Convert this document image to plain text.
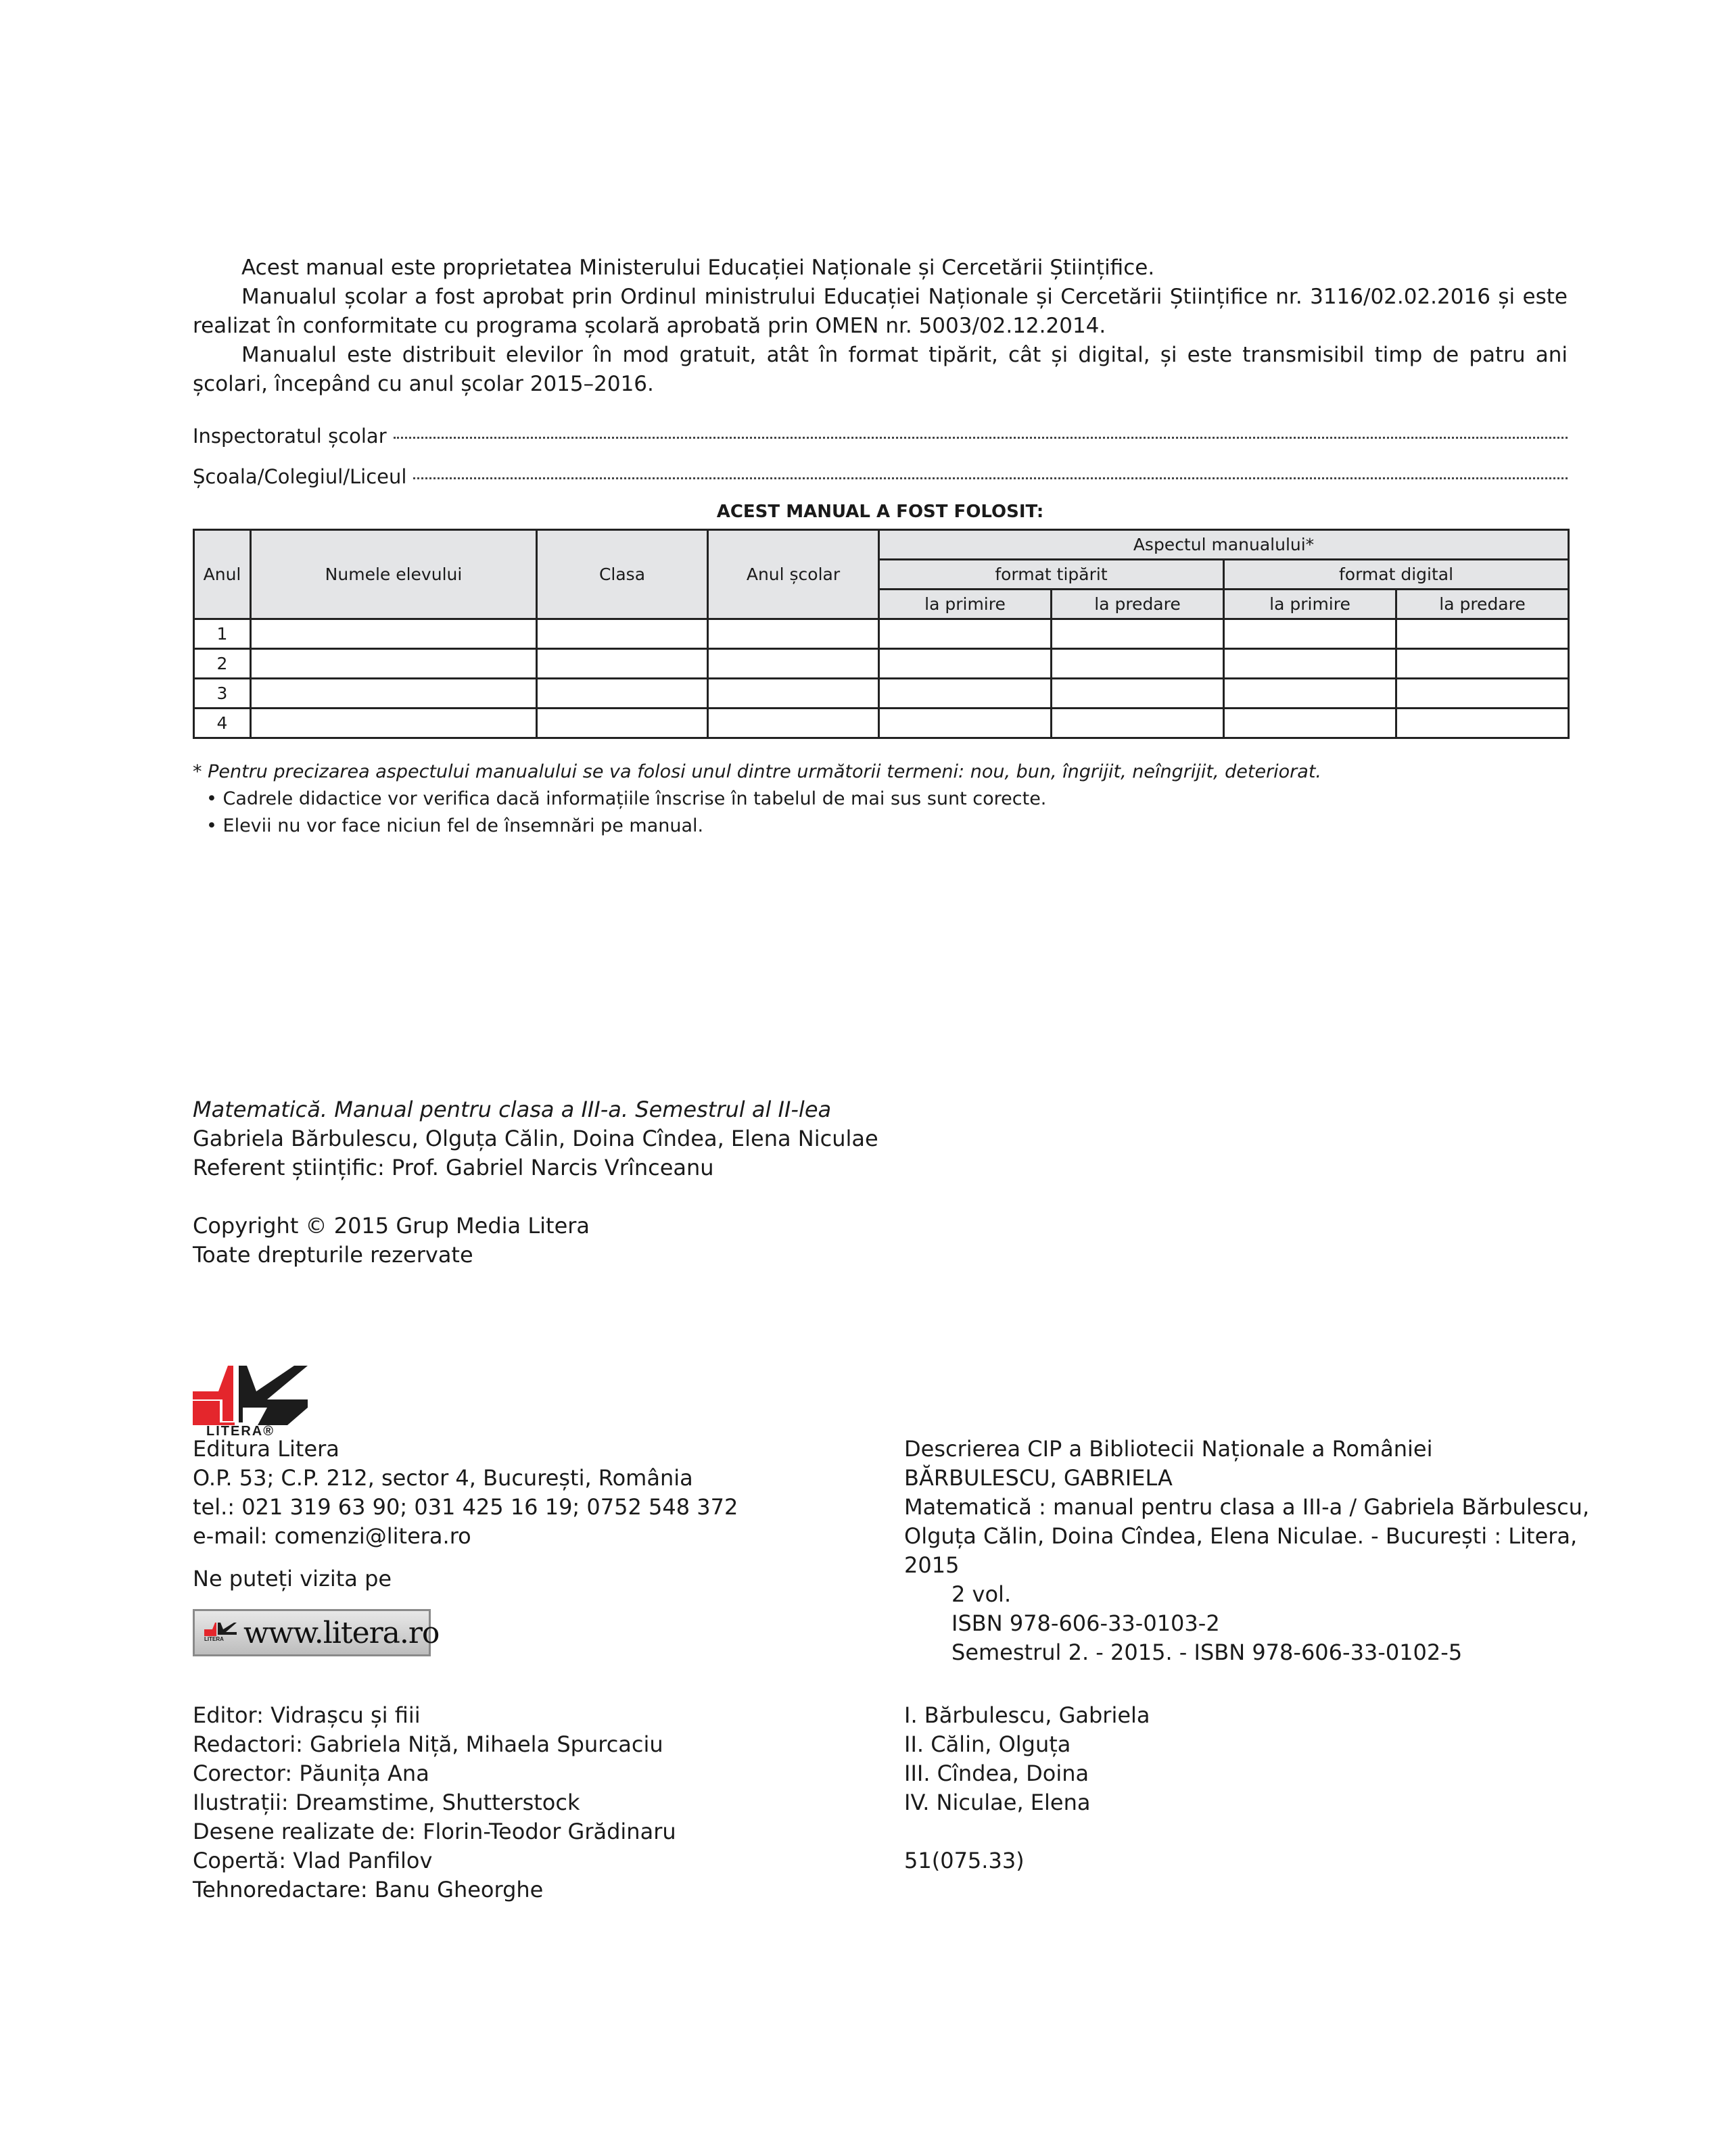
Acest manual este proprietatea Ministerului Educației Naționale și Cercetării Științifice.

Manualul școlar a fost aprobat prin Ordinul ministrului Educației Naționale și Cercetării Științifice nr. 3116/02.02.2016 și este realizat în conformitate cu programa școlară aprobată prin OMEN nr. 5003/02.12.2014.

Manualul este distribuit elevilor în mod gratuit, atât în format tipărit, cât și digital, și este transmisibil timp de patru ani școlari, începând cu anul școlar 2015–2016.

Inspectoratul școlar
Școala/Colegiul/Liceul
ACEST MANUAL A FOST FOLOSIT:
Anul	Numele elevului	Clasa	Anul școlar	Aspectul manualului*			
				format tipărit		format digital	
				la primire	la predare	la primire	la predare
1							
2							
3							
4							
* Pentru precizarea aspectului manualului se va folosi unul dintre următorii termeni: nou, bun, îngrijit, neîngrijit, deteriorat.
• Cadrele didactice vor verifica dacă informațiile înscrise în tabelul de mai sus sunt corecte.
• Elevii nu vor face niciun fel de însemnări pe manual.
Matematică. Manual pentru clasa a III-a. Semestrul al II-lea
Gabriela Bărbulescu, Olguța Călin, Doina Cîndea, Elena Niculae
Referent științific: Prof. Gabriel Narcis Vrînceanu
Copyright © 2015 Grup Media Litera
Toate drepturile rezervate
LITERA®
Editura Litera
O.P. 53; C.P. 212, sector 4, București, România
tel.: 021 319 63 90; 031 425 16 19; 0752 548 372
e-mail: comenzi@litera.ro
Ne puteți vizita pe
LITERA www.litera.ro
Editor: Vidrașcu și fiii
Redactori: Gabriela Niță, Mihaela Spurcaciu
Corector: Păunița Ana
Ilustrații: Dreamstime, Shutterstock
Desene realizate de: Florin-Teodor Grădinaru
Copertă: Vlad Panfilov
Tehnoredactare: Banu Gheorghe
Descrierea CIP a Bibliotecii Naționale a României
BĂRBULESCU, GABRIELA
Matematică : manual pentru clasa a III-a / Gabriela Bărbulescu,
Olguța Călin, Doina Cîndea, Elena Niculae. - București : Litera,
2015
2 vol.
ISBN 978-606-33-0103-2
Semestrul 2. - 2015. - ISBN 978-606-33-0102-5
I. Bărbulescu, Gabriela
II. Călin, Olguța
III. Cîndea, Doina
IV. Niculae, Elena
51(075.33)
